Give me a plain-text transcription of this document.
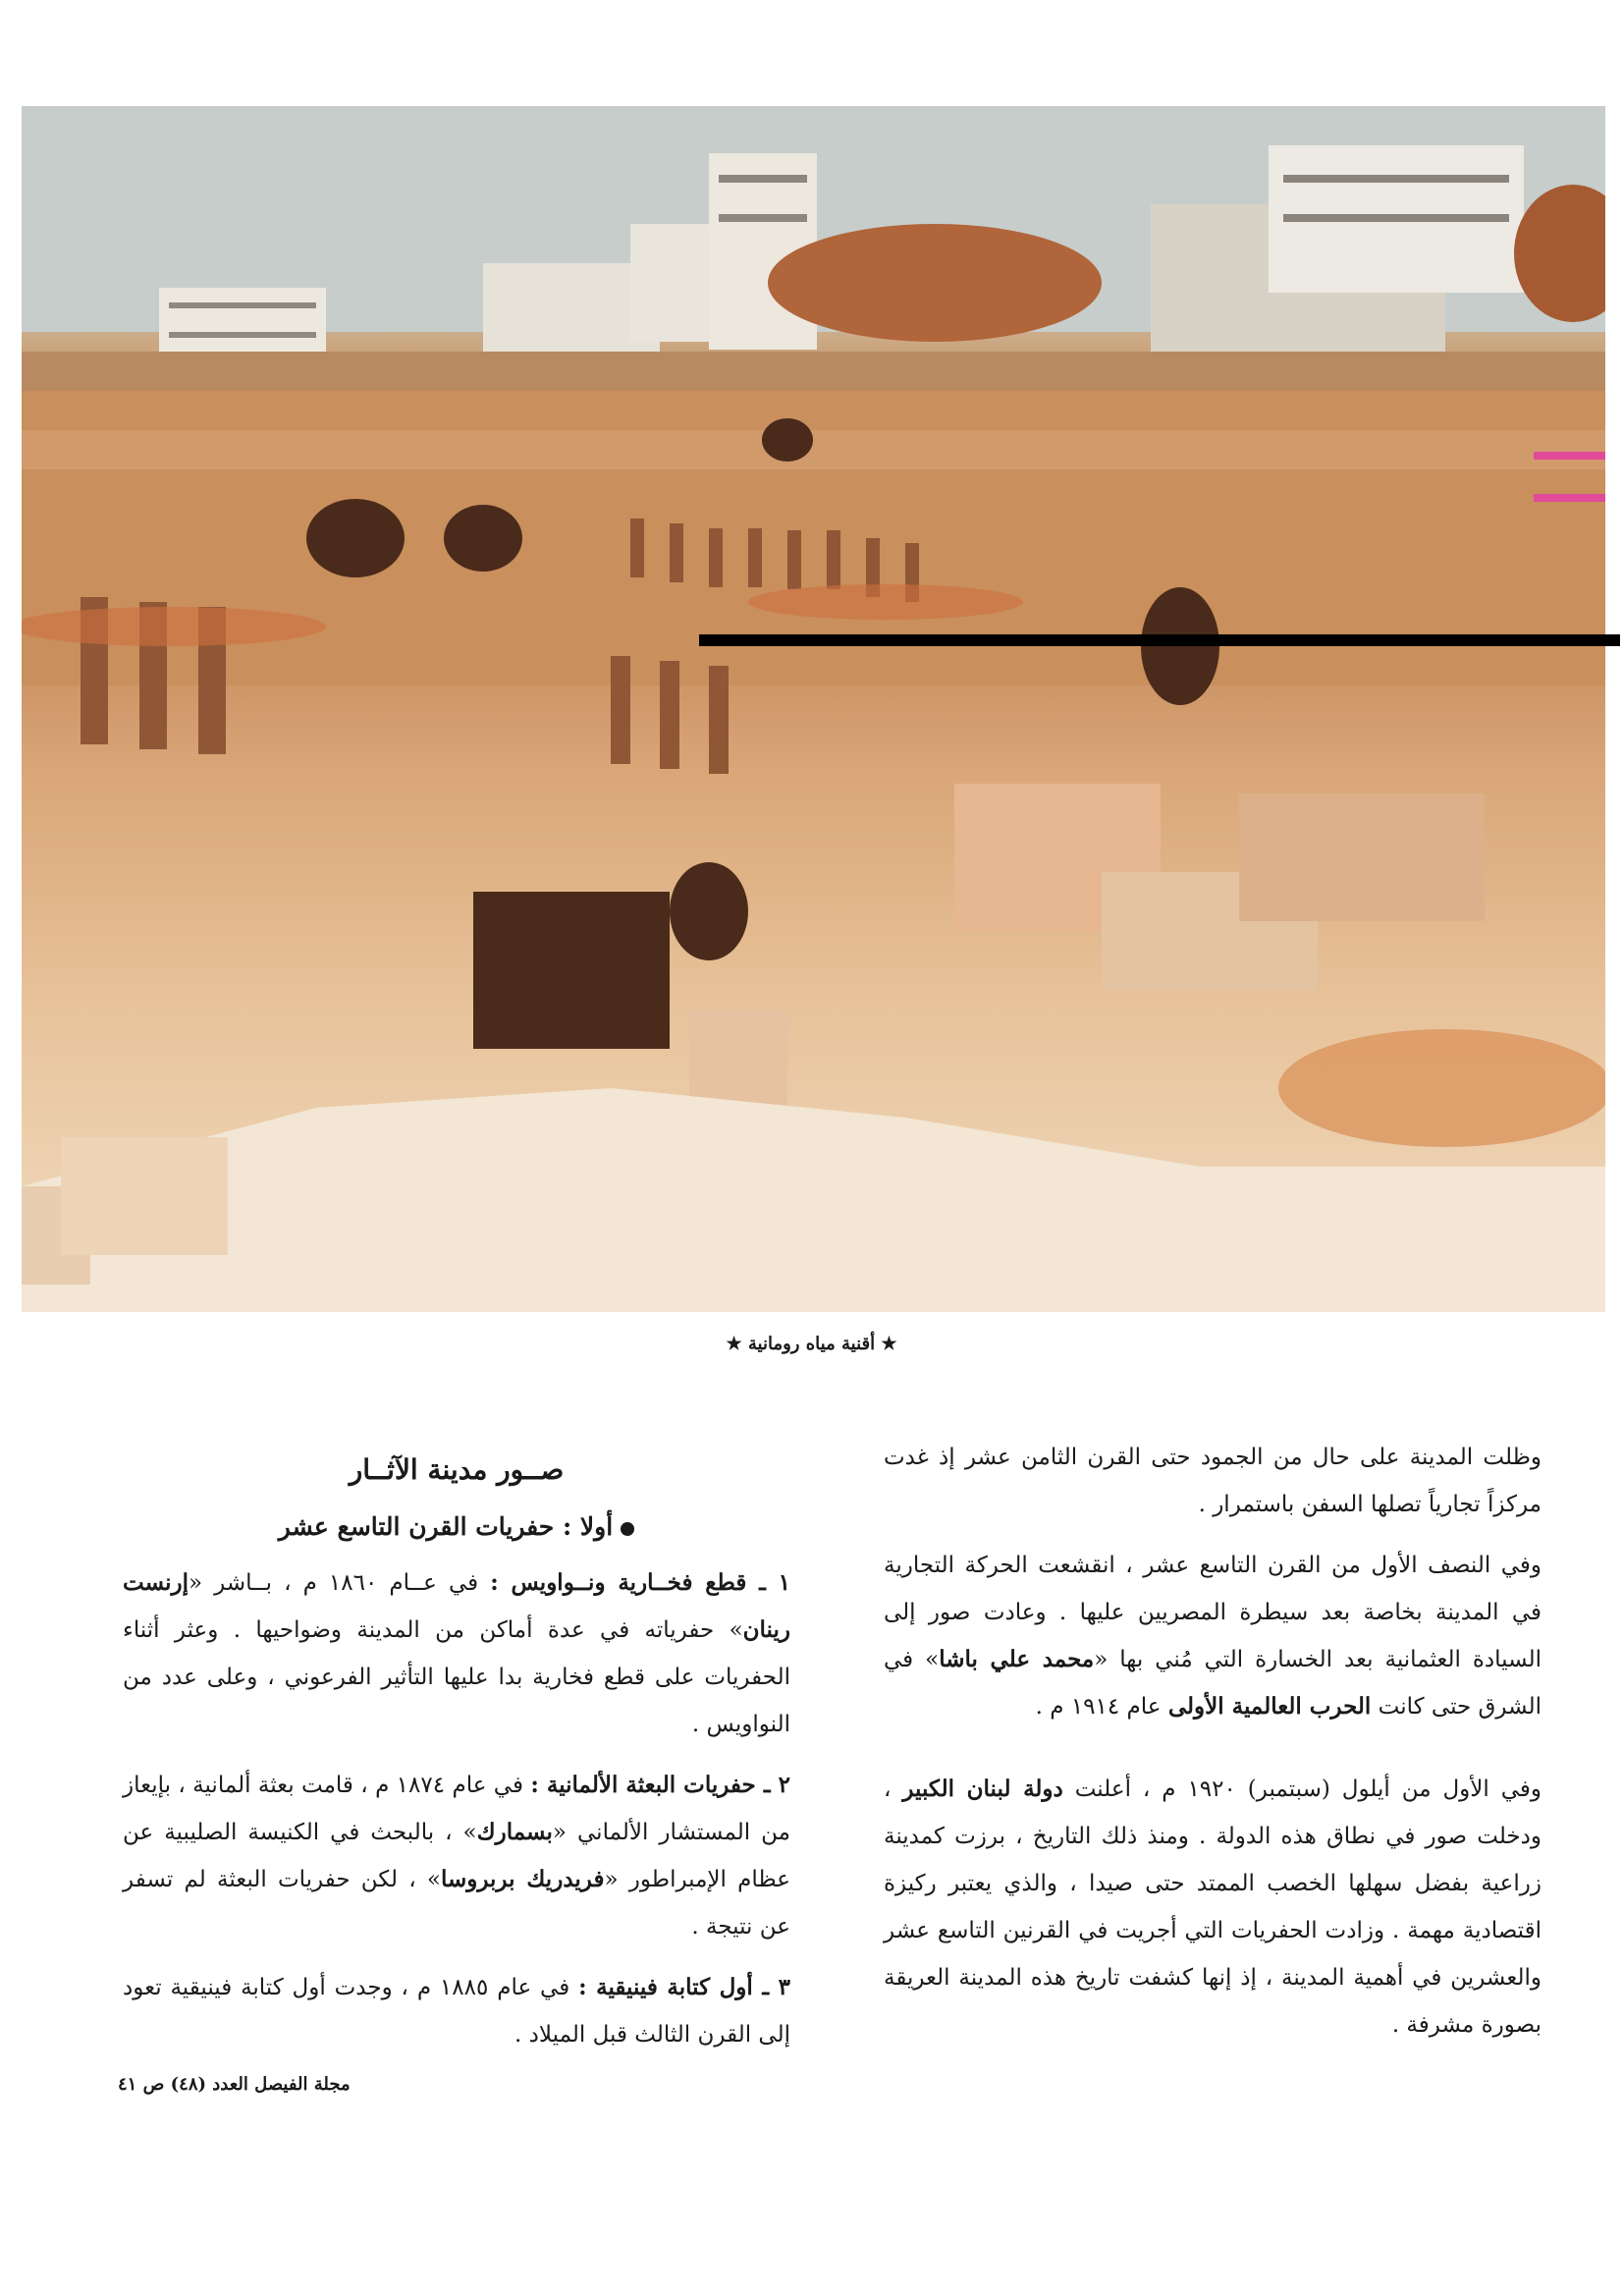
★ أقنية مياه رومانية ★

وظلت المدينة على حال من الجمود حتى القرن الثامن عشر إذ غدت مركزاً تجارياً تصلها السفن باستمرار .

وفي النصف الأول من القرن التاسع عشر ، انقشعت الحركة التجارية في المدينة بخاصة بعد سيطرة المصريين عليها . وعادت صور إلى السيادة العثمانية بعد الخسارة التي مُني بها «محمد علي باشا» في الشرق حتى كانت الحرب العالمية الأولى عام ١٩١٤ م .

وفي الأول من أيلول (سبتمبر) ١٩٢٠ م ، أعلنت دولة لبنان الكبير ، ودخلت صور في نطاق هذه الدولة . ومنذ ذلك التاريخ ، برزت كمدينة زراعية بفضل سهلها الخصب الممتد حتى صيدا ، والذي يعتبر ركيزة اقتصادية مهمة . وزادت الحفريات التي أجريت في القرنين التاسع عشر والعشرين في أهمية المدينة ، إذ إنها كشفت تاريخ هذه المدينة العريقة بصورة مشرفة .

صــور مدينة الآثــار
أولا : حفريات القرن التاسع عشر

١ ـ قطع فخــارية ونــواويس : في عــام ١٨٦٠ م ، بــاشر «إرنست رينان» حفرياته في عدة أماكن من المدينة وضواحيها . وعثر أثناء الحفريات على قطع فخارية بدا عليها التأثير الفرعوني ، وعلى عدد من النواويس .

٢ ـ حفريات البعثة الألمانية : في عام ١٨٧٤ م ، قامت بعثة ألمانية ، بإيعاز من المستشار الألماني «بسمارك» ، بالبحث في الكنيسة الصليبية عن عظام الإمبراطور «فريدريك بربروسا» ، لكن حفريات البعثة لم تسفر عن نتيجة .

٣ ـ أول كتابة فينيقية : في عام ١٨٨٥ م ، وجدت أول كتابة فينيقية تعود إلى القرن الثالث قبل الميلاد .

مجلة الفيصل العدد (٤٨) ص ٤١
